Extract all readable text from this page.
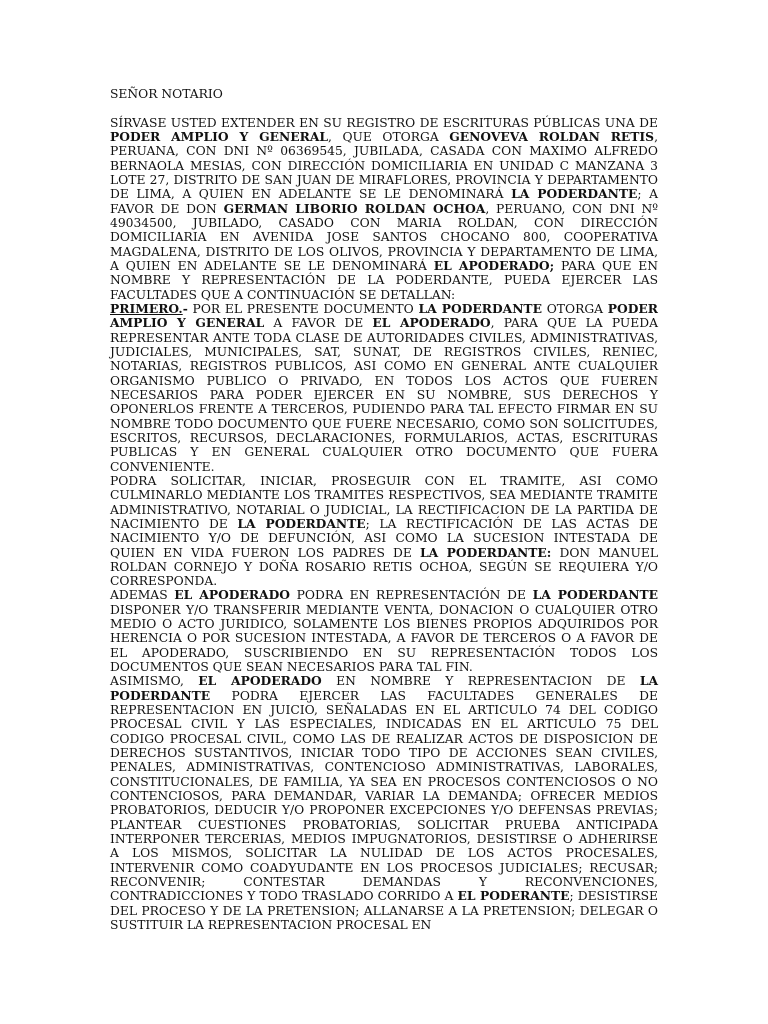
SEÑOR NOTARIO

SÍRVASE USTED EXTENDER EN SU REGISTRO DE ESCRITURAS PÚBLICAS UNA DE PODER AMPLIO Y GENERAL, QUE OTORGA GENOVEVA ROLDAN RETIS, PERUANA, CON DNI Nº 06369545, JUBILADA, CASADA CON MAXIMO ALFREDO BERNAOLA MESIAS, CON DIRECCIÓN DOMICILIARIA EN UNIDAD C MANZANA 3 LOTE 27, DISTRITO DE SAN JUAN DE MIRAFLORES, PROVINCIA Y DEPARTAMENTO DE LIMA, A QUIEN EN ADELANTE SE LE DENOMINARÁ LA PODERDANTE; A FAVOR DE DON GERMAN LIBORIO ROLDAN OCHOA, PERUANO, CON DNI Nº 49034500, JUBILADO, CASADO CON MARIA ROLDAN, CON DIRECCIÓN DOMICILIARIA EN AVENIDA JOSE SANTOS CHOCANO 800, COOPERATIVA MAGDALENA, DISTRITO DE LOS OLIVOS, PROVINCIA Y DEPARTAMENTO DE LIMA, A QUIEN EN ADELANTE SE LE DENOMINARÁ EL APODERADO; PARA QUE EN NOMBRE Y REPRESENTACIÓN DE LA PODERDANTE, PUEDA EJERCER LAS FACULTADES QUE A CONTINUACIÓN SE DETALLAN:

PRIMERO.- POR EL PRESENTE DOCUMENTO LA PODERDANTE OTORGA PODER AMPLIO Y GENERAL A FAVOR DE EL APODERADO, PARA QUE LA PUEDA REPRESENTAR ANTE TODA CLASE DE AUTORIDADES CIVILES, ADMINISTRATIVAS, JUDICIALES, MUNICIPALES, SAT, SUNAT, DE REGISTROS CIVILES, RENIEC, NOTARIAS, REGISTROS PUBLICOS, ASI COMO EN GENERAL ANTE CUALQUIER ORGANISMO PUBLICO O PRIVADO, EN TODOS LOS ACTOS QUE FUEREN NECESARIOS PARA PODER EJERCER EN SU NOMBRE, SUS DERECHOS Y OPONERLOS FRENTE A TERCEROS, PUDIENDO PARA TAL EFECTO FIRMAR EN SU NOMBRE TODO DOCUMENTO QUE FUERE NECESARIO, COMO SON SOLICITUDES, ESCRITOS, RECURSOS, DECLARACIONES, FORMULARIOS, ACTAS, ESCRITURAS PUBLICAS Y EN GENERAL CUALQUIER OTRO DOCUMENTO QUE FUERA CONVENIENTE.

PODRA SOLICITAR, INICIAR, PROSEGUIR CON EL TRAMITE, ASI COMO CULMINARLO MEDIANTE LOS TRAMITES RESPECTIVOS, SEA MEDIANTE TRAMITE ADMINISTRATIVO, NOTARIAL O JUDICIAL, LA RECTIFICACION DE LA PARTIDA DE NACIMIENTO DE LA PODERDANTE; LA RECTIFICACIÓN DE LAS ACTAS DE NACIMIENTO Y/O DE DEFUNCIÓN, ASI COMO LA SUCESION INTESTADA DE QUIEN EN VIDA FUERON LOS PADRES DE LA PODERDANTE: DON MANUEL ROLDAN CORNEJO Y DOÑA ROSARIO RETIS OCHOA, SEGÚN SE REQUIERA Y/O CORRESPONDA.

ADEMAS EL APODERADO PODRA EN REPRESENTACIÓN DE LA PODERDANTE DISPONER Y/O TRANSFERIR MEDIANTE VENTA, DONACION O CUALQUIER OTRO MEDIO O ACTO JURIDICO, SOLAMENTE LOS BIENES PROPIOS ADQUIRIDOS POR HERENCIA O POR SUCESION INTESTADA, A FAVOR DE TERCEROS O A FAVOR DE EL APODERADO, SUSCRIBIENDO EN SU REPRESENTACIÓN TODOS LOS DOCUMENTOS QUE SEAN NECESARIOS PARA TAL FIN.

ASIMISMO, EL APODERADO EN NOMBRE Y REPRESENTACION DE LA PODERDANTE PODRA EJERCER LAS FACULTADES GENERALES DE REPRESENTACION EN JUICIO, SEÑALADAS EN EL ARTICULO 74 DEL CODIGO PROCESAL CIVIL Y LAS ESPECIALES, INDICADAS EN EL ARTICULO 75 DEL CODIGO PROCESAL CIVIL, COMO LAS DE REALIZAR ACTOS DE DISPOSICION DE DERECHOS SUSTANTIVOS, INICIAR TODO TIPO DE ACCIONES SEAN CIVILES, PENALES, ADMINISTRATIVAS, CONTENCIOSO ADMINISTRATIVAS, LABORALES, CONSTITUCIONALES, DE FAMILIA, YA SEA EN PROCESOS CONTENCIOSOS O NO CONTENCIOSOS, PARA DEMANDAR, VARIAR LA DEMANDA; OFRECER MEDIOS PROBATORIOS, DEDUCIR Y/O PROPONER EXCEPCIONES Y/O DEFENSAS PREVIAS; PLANTEAR CUESTIONES PROBATORIAS, SOLICITAR PRUEBA ANTICIPADA INTERPONER TERCERIAS, MEDIOS IMPUGNATORIOS, DESISTIRSE O ADHERIRSE A LOS MISMOS, SOLICITAR LA NULIDAD DE LOS ACTOS PROCESALES, INTERVENIR COMO COADYUDANTE EN LOS PROCESOS JUDICIALES; RECUSAR; RECONVENIR; CONTESTAR DEMANDAS Y RECONVENCIONES, CONTRADICCIONES Y TODO TRASLADO CORRIDO A EL PODERANTE; DESISTIRSE DEL PROCESO Y DE LA PRETENSION; ALLANARSE A LA PRETENSION; DELEGAR O SUSTITUIR LA REPRESENTACION PROCESAL EN
